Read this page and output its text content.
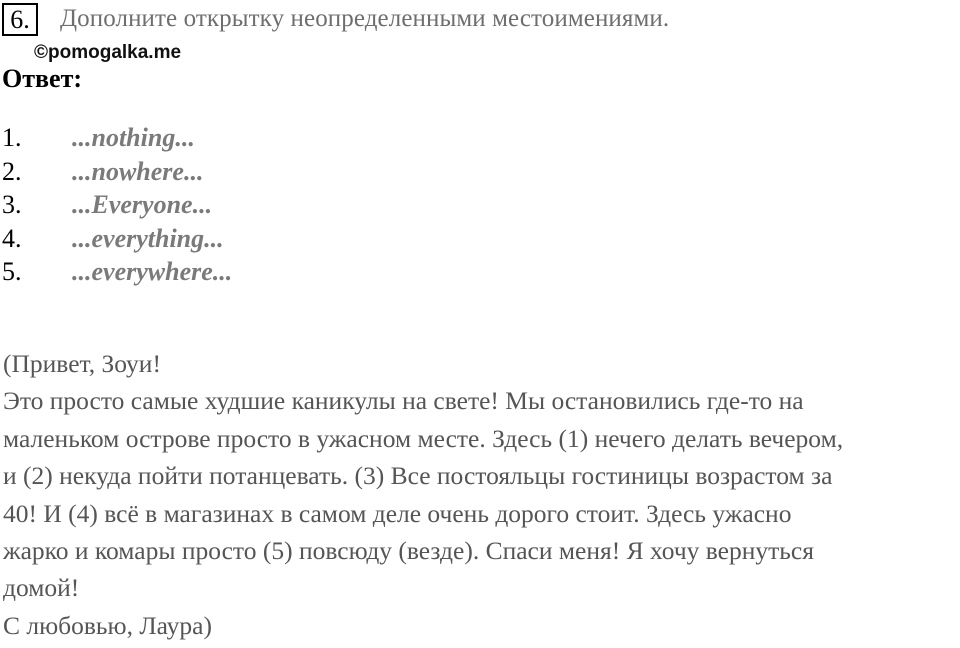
6.	Дополните открытку неопределенными местоимениями.
©pomogalka.me
Ответ:
1.	...nothing...
2.	...nowhere...
3.	...Everyone...
4.	...everything...
5.	...everywhere...

(Привет, Зоуи!

Это просто самые худшие каникулы на свете! Мы остановились где-то на

маленьком острове просто в ужасном месте. Здесь (1) нечего делать вечером,

и (2) некуда пойти потанцевать. (3) Все постояльцы гостиницы возрастом за

40! И (4) всё в магазинах в самом деле очень дорого стоит. Здесь ужасно

жарко и комары просто (5) повсюду (везде). Спаси меня! Я хочу вернуться

домой!

С любовью, Лаура)
